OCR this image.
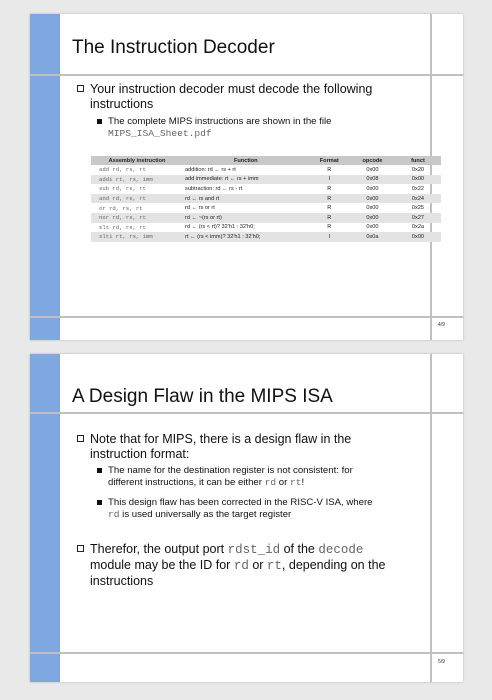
The Instruction Decoder
Your instruction decoder must decode the following instructions
The complete MIPS instructions are shown in the file
MIPS_ISA_Sheet.pdf
Assembly instruction	Function	Format	opcode	funct
add rd, rs, rt	addition: rd ← rs + rt	R	0x00	0x20
addi rt, rs, imm	add immediate: rt ← rs + imm	I	0x08	0x00
sub rd, rs, rt	subtraction: rd ← rs - rt	R	0x00	0x22
and rd, rs, rt	rd ← rs and rt	R	0x00	0x24
or rd, rs, rt	rd ← rs or rt	R	0x00	0x25
nor rd, rs, rt	rd ← ~(rs or rt)	R	0x00	0x27
slt rd, rs, rt	rd ← (rs < rt)? 32'h1 : 32'h0;	R	0x00	0x2a
slti rt, rs, imm	rt ← (rs < imm)? 32'h1 : 32'h0;	I	0x0a	0x00
4/9
A Design Flaw in the MIPS ISA
Note that for MIPS, there is a design flaw in the
instruction format:
The name for the destination register is not consistent: for
different instructions, it can be either rd or rt!
This design flaw has been corrected in the RISC-V ISA, where
rd is used universally as the target register
Therefor, the output port rdst_id of the decode
module may be the ID for rd or rt, depending on the
instructions
5/9
